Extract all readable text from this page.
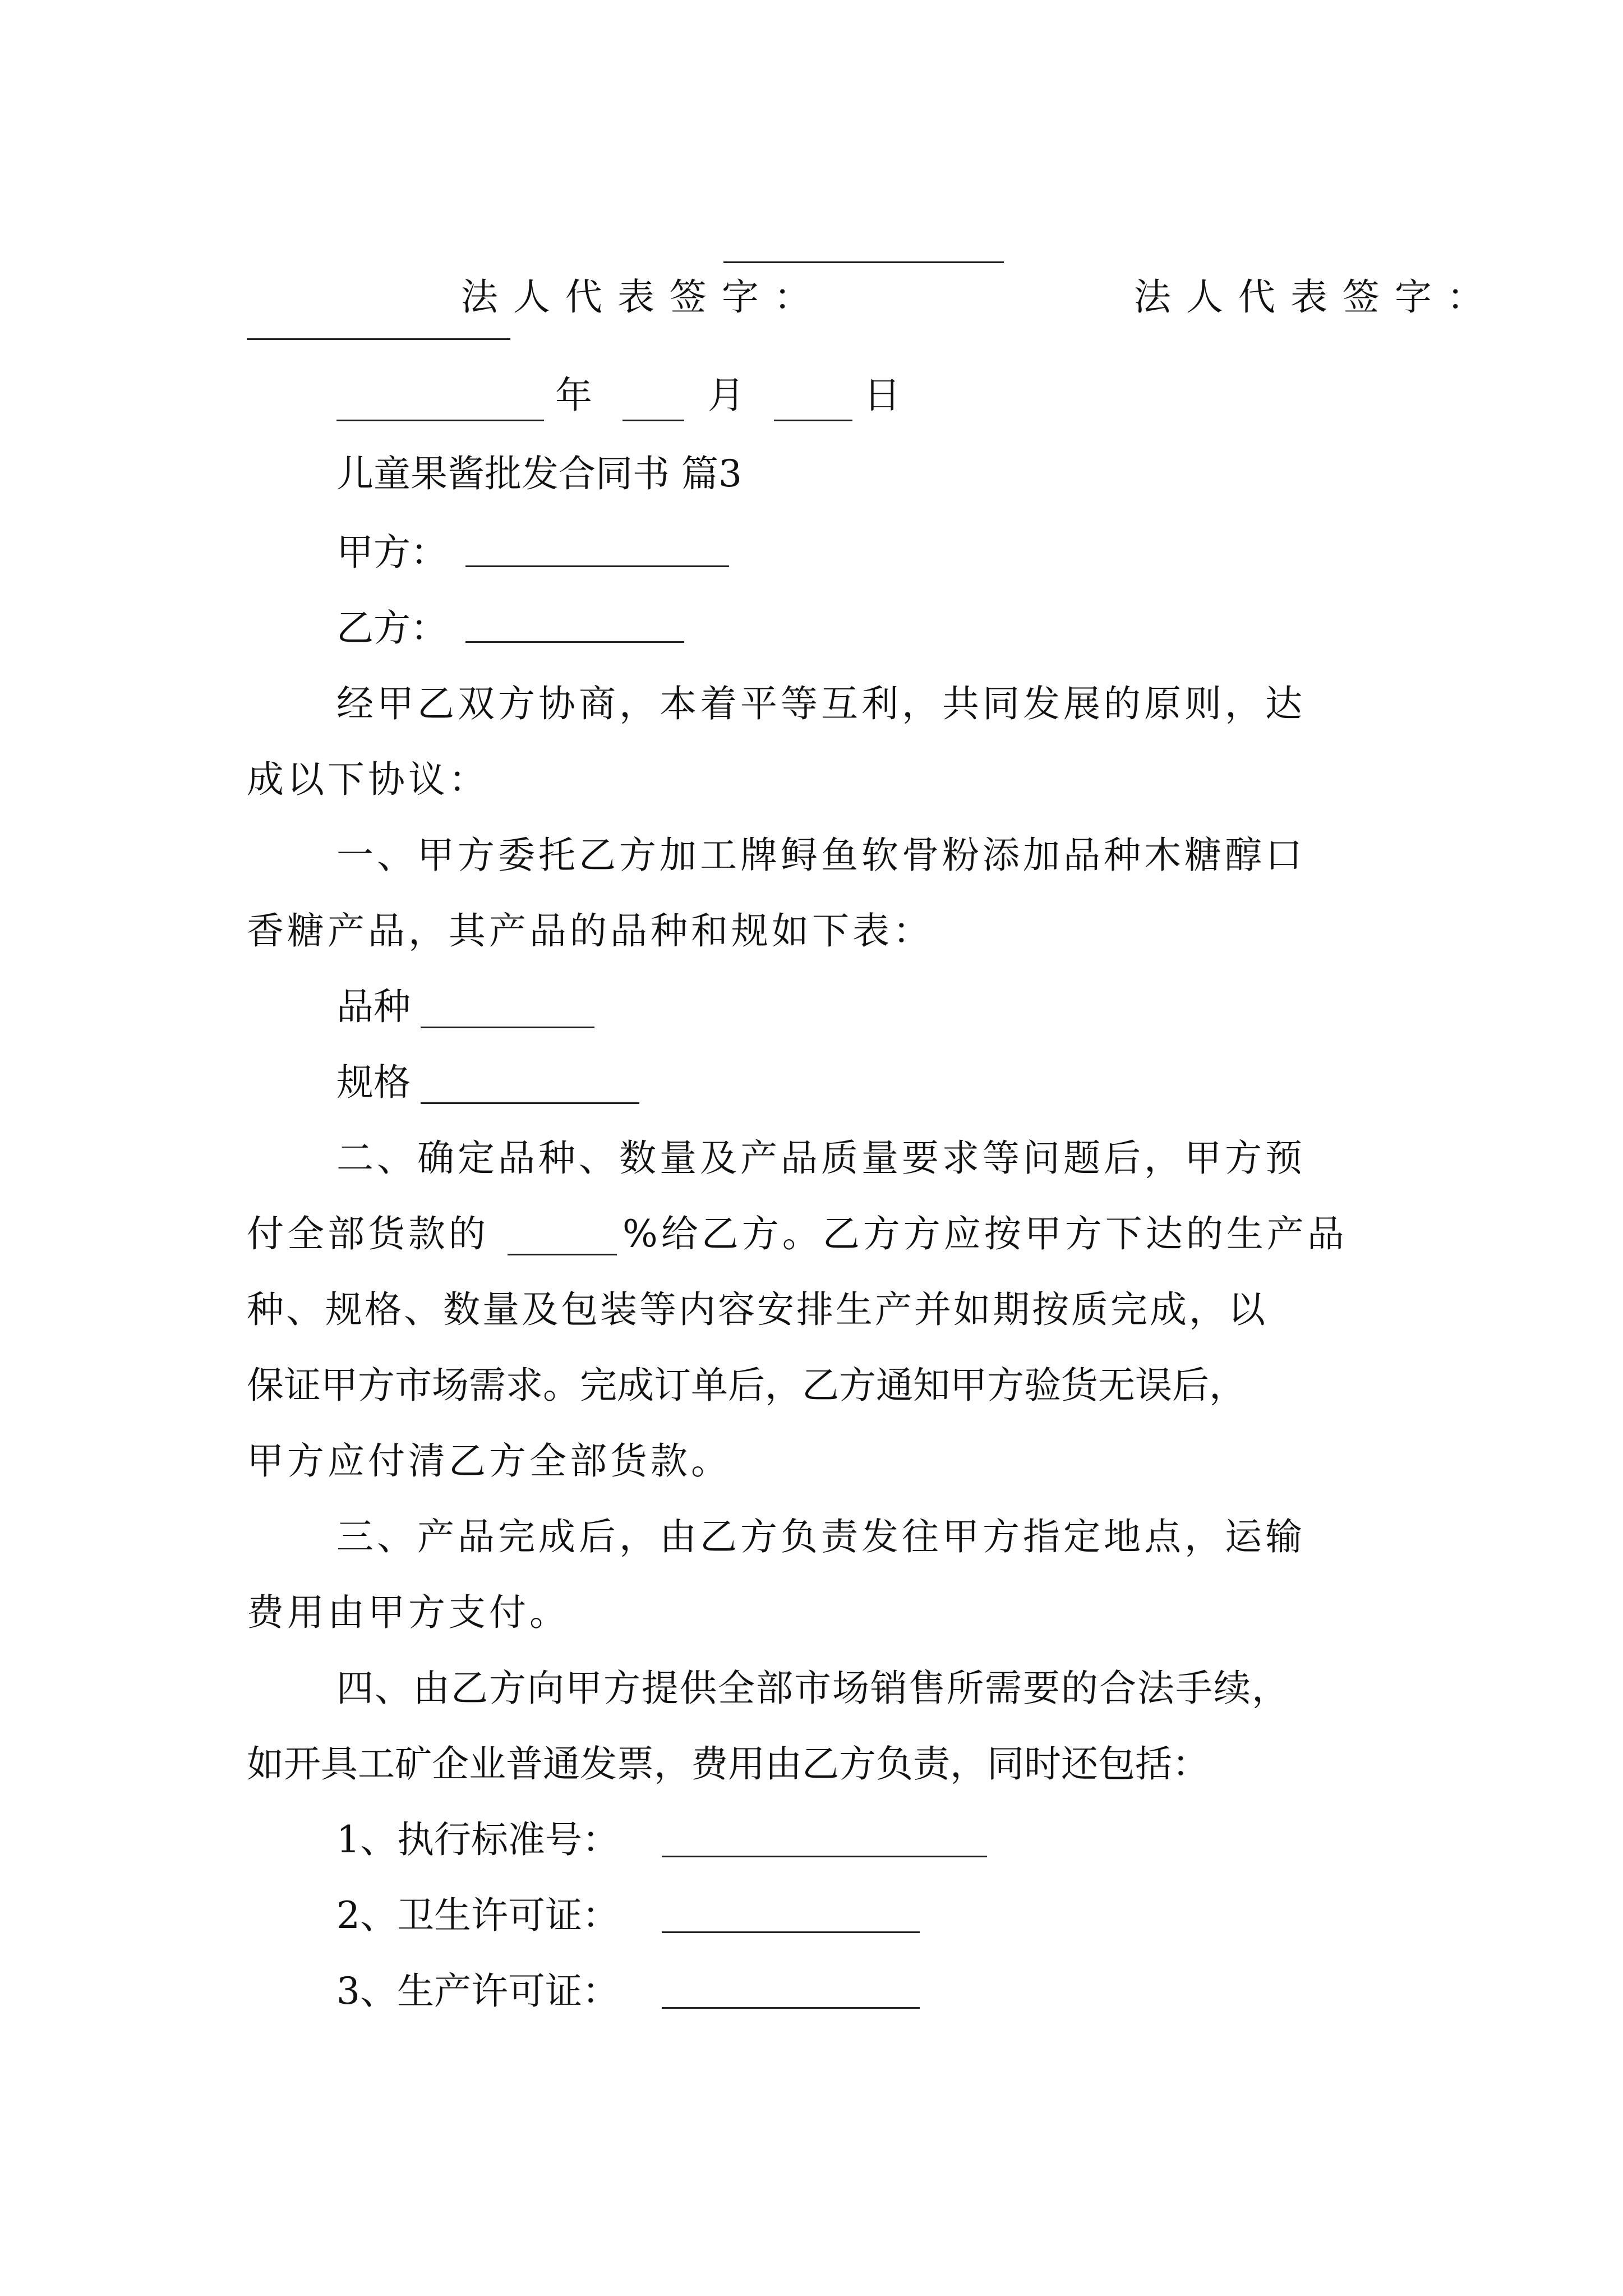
法人代表签字：
	法人代表签字：

年	月	日
儿童果酱批发合同书 篇3
甲方：
乙方：
经甲乙双方协商，本着平等互利，共同发展的原则，达
成以下协议：
一、甲方委托乙方加工牌鲟鱼软骨粉添加品种木糖醇口
香糖产品，其产品的品种和规如下表：
品种
规格
二、确定品种、数量及产品质量要求等问题后，甲方预
付全部货款的	%给乙方。乙方方应按甲方下达的生产品
种、规格、数量及包装等内容安排生产并如期按质完成，以
保证甲方市场需求。完成订单后，乙方通知甲方验货无误后，
甲方应付清乙方全部货款。
三、产品完成后，由乙方负责发往甲方指定地点，运输
费用由甲方支付。
四、由乙方向甲方提供全部市场销售所需要的合法手续，
如开具工矿企业普通发票，费用由乙方负责，同时还包括：
1、执行标准号：
2、卫生许可证：
3、生产许可证：
